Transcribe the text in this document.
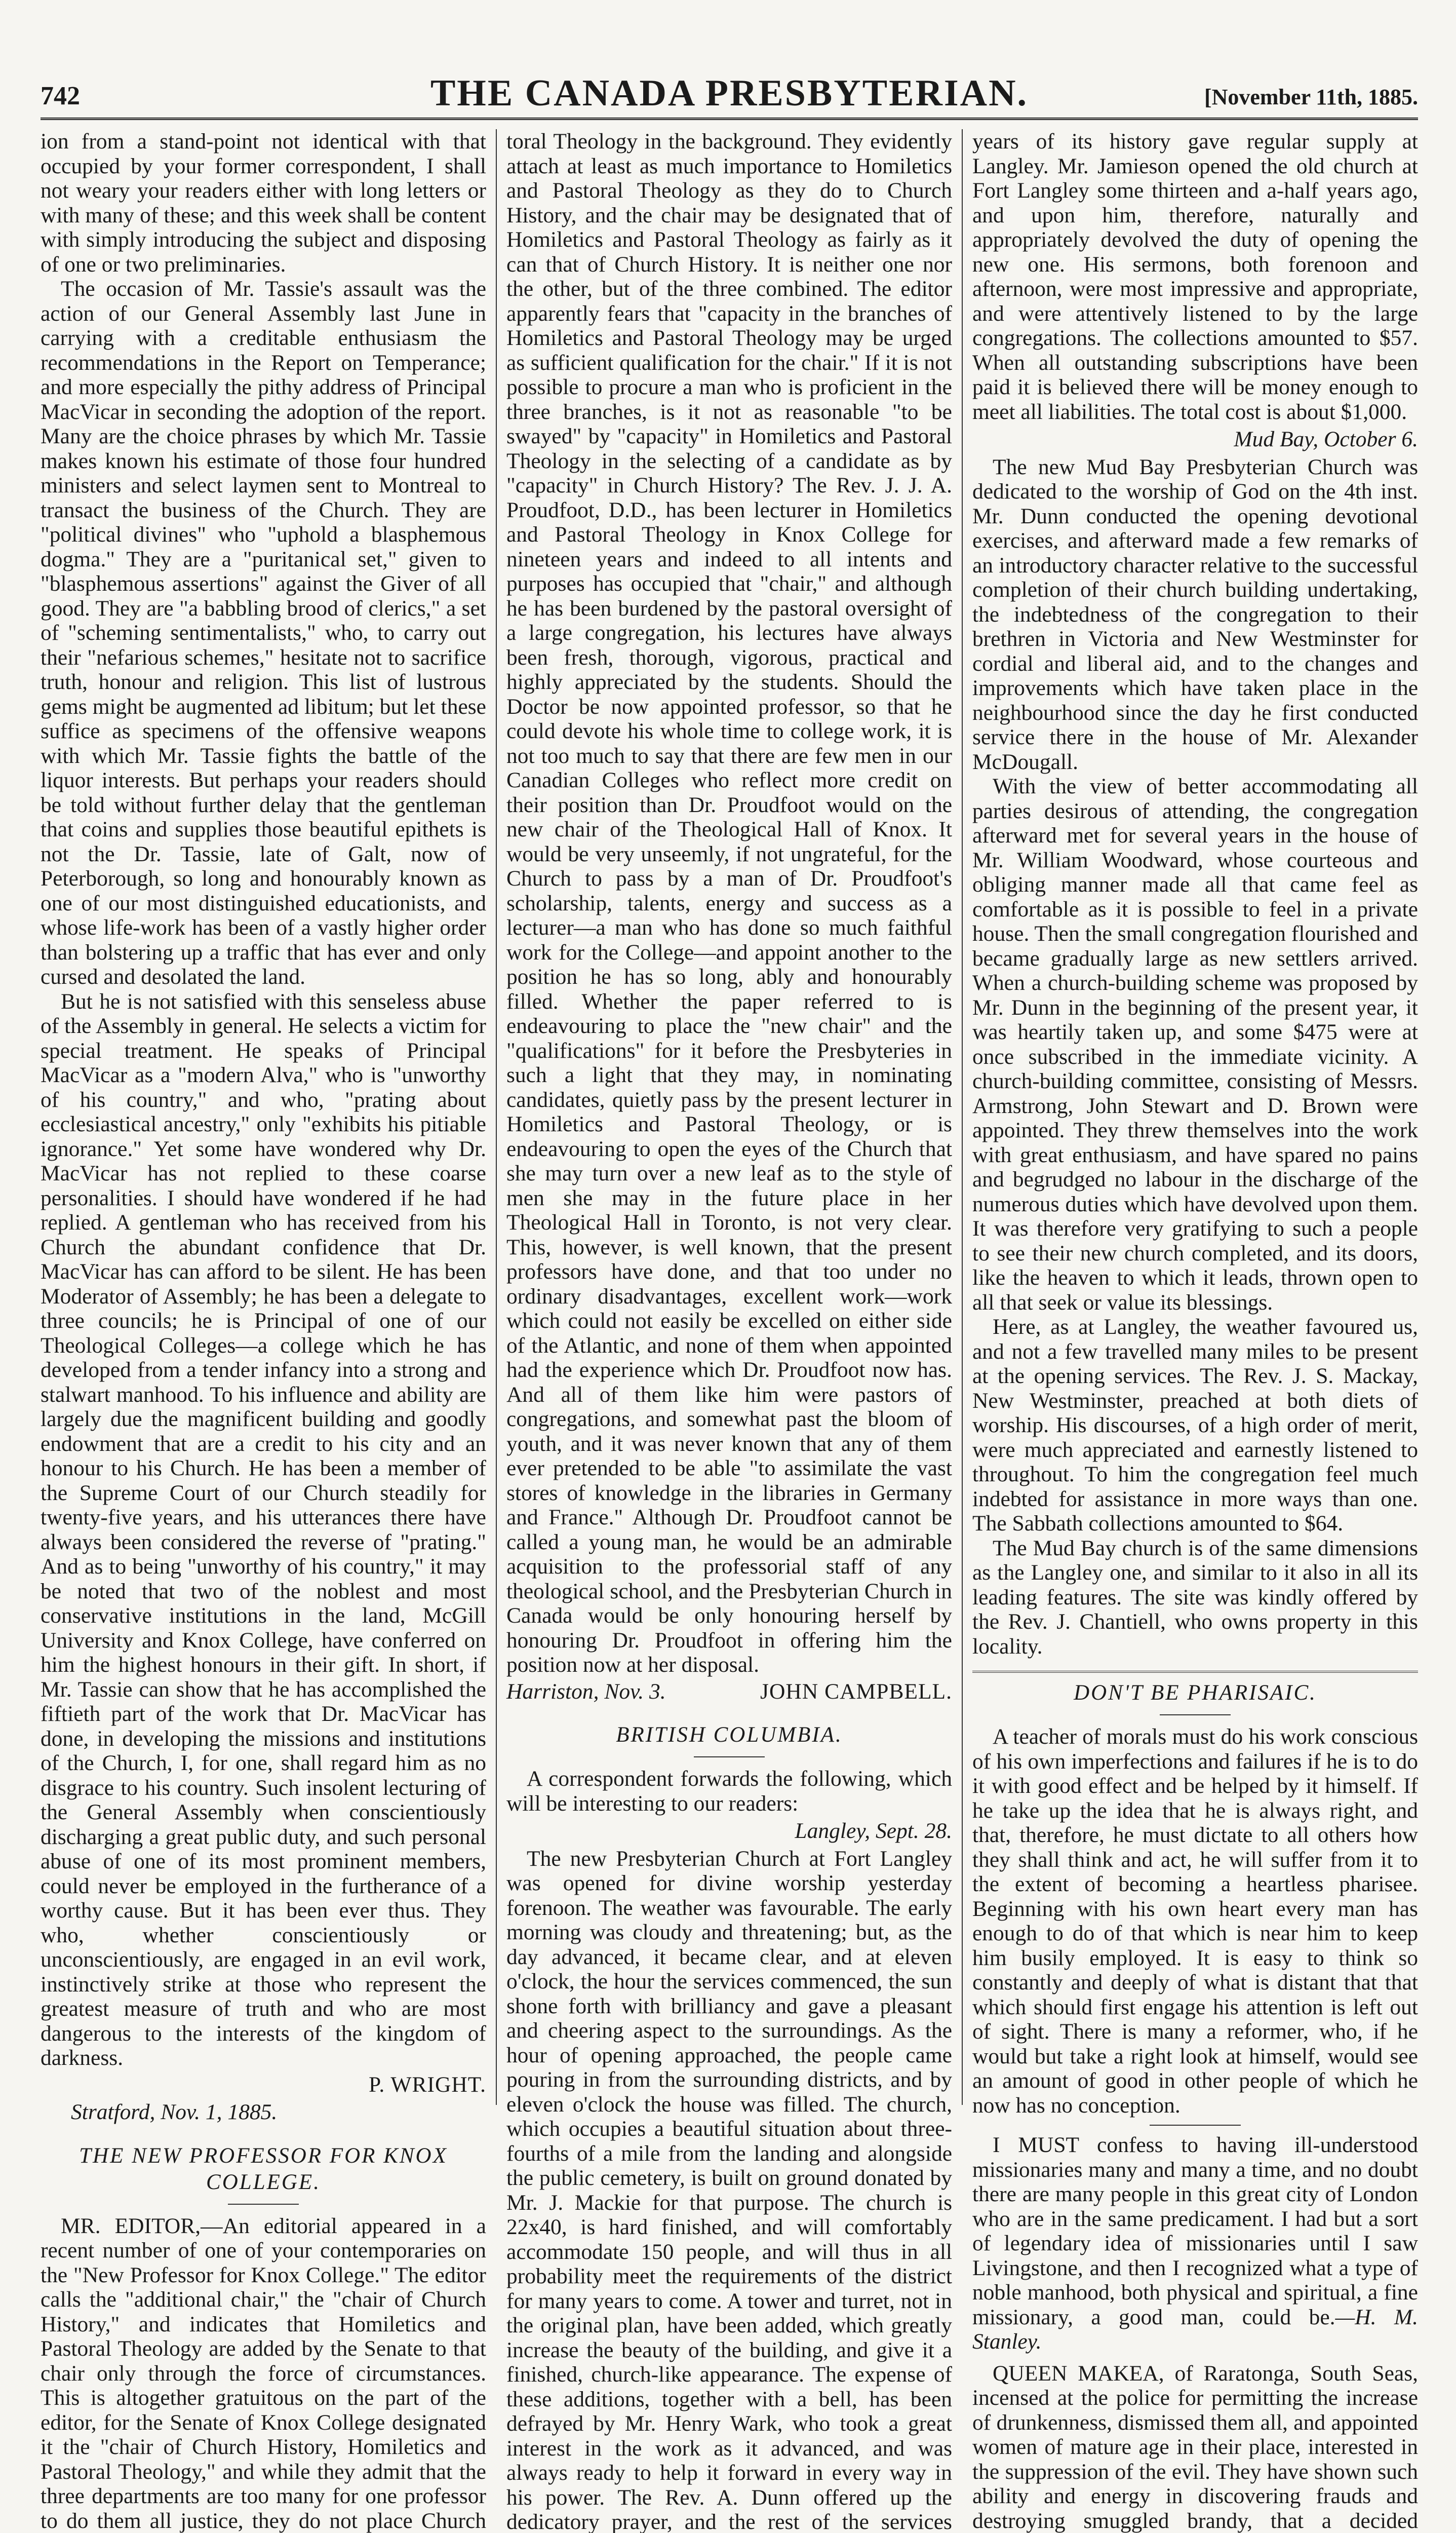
742	THE CANADA PRESBYTERIAN.	[November 11th, 1885.

ion from a stand-point not identical with that occupied by your former correspondent, I shall not weary your readers either with long letters or with many of these; and this week shall be content with simply introducing the subject and disposing of one or two preliminaries.

The occasion of Mr. Tassie's assault was the action of our General Assembly last June in carrying with a creditable enthusiasm the recommendations in the Report on Temperance; and more especially the pithy address of Principal MacVicar in seconding the adoption of the report. Many are the choice phrases by which Mr. Tassie makes known his estimate of those four hundred ministers and select laymen sent to Montreal to transact the business of the Church. They are "political divines" who "uphold a blasphemous dogma." They are a "puritanical set," given to "blasphemous assertions" against the Giver of all good. They are "a babbling brood of clerics," a set of "scheming sentimentalists," who, to carry out their "nefarious schemes," hesitate not to sacrifice truth, honour and religion. This list of lustrous gems might be augmented ad libitum; but let these suffice as specimens of the offensive weapons with which Mr. Tassie fights the battle of the liquor interests. But perhaps your readers should be told without further delay that the gentleman that coins and supplies those beautiful epithets is not the Dr. Tassie, late of Galt, now of Peterborough, so long and honourably known as one of our most distinguished educationists, and whose life-work has been of a vastly higher order than bolstering up a traffic that has ever and only cursed and desolated the land.

But he is not satisfied with this senseless abuse of the Assembly in general. He selects a victim for special treatment. He speaks of Principal MacVicar as a "modern Alva," who is "unworthy of his country," and who, "prating about ecclesiastical ancestry," only "exhibits his pitiable ignorance." Yet some have wondered why Dr. MacVicar has not replied to these coarse personalities. I should have wondered if he had replied. A gentleman who has received from his Church the abundant confidence that Dr. MacVicar has can afford to be silent. He has been Moderator of Assembly; he has been a delegate to three councils; he is Principal of one of our Theological Colleges—a college which he has developed from a tender infancy into a strong and stalwart manhood. To his influence and ability are largely due the magnificent building and goodly endowment that are a credit to his city and an honour to his Church. He has been a member of the Supreme Court of our Church steadily for twenty-five years, and his utterances there have always been considered the reverse of "prating." And as to being "unworthy of his country," it may be noted that two of the noblest and most conservative institutions in the land, McGill University and Knox College, have conferred on him the highest honours in their gift. In short, if Mr. Tassie can show that he has accomplished the fiftieth part of the work that Dr. MacVicar has done, in developing the missions and institutions of the Church, I, for one, shall regard him as no disgrace to his country. Such insolent lecturing of the General Assembly when conscientiously discharging a great public duty, and such personal abuse of one of its most prominent members, could never be employed in the furtherance of a worthy cause. But it has been ever thus. They who, whether conscientiously or unconscientiously, are engaged in an evil work, instinctively strike at those who represent the greatest measure of truth and who are most dangerous to the interests of the kingdom of darkness.

P. WRIGHT.

Stratford, Nov. 1, 1885.

THE NEW PROFESSOR FOR KNOX COLLEGE.

MR. EDITOR,—An editorial appeared in a recent number of one of your contemporaries on the "New Professor for Knox College." The editor calls the "additional chair," the "chair of Church History," and indicates that Homiletics and Pastoral Theology are added by the Senate to that chair only through the force of circumstances. This is altogether gratuitous on the part of the editor, for the Senate of Knox College designated it the "chair of Church History, Homiletics and Pastoral Theology," and while they admit that the three departments are too many for one professor to do them all justice, they do not place Church

toral Theology in the background. They evidently attach at least as much importance to Homiletics and Pastoral Theology as they do to Church History, and the chair may be designated that of Homiletics and Pastoral Theology as fairly as it can that of Church History. It is neither one nor the other, but of the three combined. The editor apparently fears that "capacity in the branches of Homiletics and Pastoral Theology may be urged as sufficient qualification for the chair." If it is not possible to procure a man who is proficient in the three branches, is it not as reasonable "to be swayed" by "capacity" in Homiletics and Pastoral Theology in the selecting of a candidate as by "capacity" in Church History? The Rev. J. J. A. Proudfoot, D.D., has been lecturer in Homiletics and Pastoral Theology in Knox College for nineteen years and indeed to all intents and purposes has occupied that "chair," and although he has been burdened by the pastoral oversight of a large congregation, his lectures have always been fresh, thorough, vigorous, practical and highly appreciated by the students. Should the Doctor be now appointed professor, so that he could devote his whole time to college work, it is not too much to say that there are few men in our Canadian Colleges who reflect more credit on their position than Dr. Proudfoot would on the new chair of the Theological Hall of Knox. It would be very unseemly, if not ungrateful, for the Church to pass by a man of Dr. Proudfoot's scholarship, talents, energy and success as a lecturer—a man who has done so much faithful work for the College—and appoint another to the position he has so long, ably and honourably filled. Whether the paper referred to is endeavouring to place the "new chair" and the "qualifications" for it before the Presbyteries in such a light that they may, in nominating candidates, quietly pass by the present lecturer in Homiletics and Pastoral Theology, or is endeavouring to open the eyes of the Church that she may turn over a new leaf as to the style of men she may in the future place in her Theological Hall in Toronto, is not very clear. This, however, is well known, that the present professors have done, and that too under no ordinary disadvantages, excellent work—work which could not easily be excelled on either side of the Atlantic, and none of them when appointed had the experience which Dr. Proudfoot now has. And all of them like him were pastors of congregations, and somewhat past the bloom of youth, and it was never known that any of them ever pretended to be able "to assimilate the vast stores of knowledge in the libraries in Germany and France." Although Dr. Proudfoot cannot be called a young man, he would be an admirable acquisition to the professorial staff of any theological school, and the Presbyterian Church in Canada would be only honouring herself by honouring Dr. Proudfoot in offering him the position now at her disposal.

Harriston, Nov. 3.	JOHN CAMPBELL.
BRITISH COLUMBIA.

A correspondent forwards the following, which will be interesting to our readers:

Langley, Sept. 28.

The new Presbyterian Church at Fort Langley was opened for divine worship yesterday forenoon. The weather was favourable. The early morning was cloudy and threatening; but, as the day advanced, it became clear, and at eleven o'clock, the hour the services commenced, the sun shone forth with brilliancy and gave a pleasant and cheering aspect to the surroundings. As the hour of opening approached, the people came pouring in from the surrounding districts, and by eleven o'clock the house was filled. The church, which occupies a beautiful situation about three-fourths of a mile from the landing and alongside the public cemetery, is built on ground donated by Mr. J. Mackie for that purpose. The church is 22x40, is hard finished, and will comfortably accommodate 150 people, and will thus in all probability meet the requirements of the district for many years to come. A tower and turret, not in the original plan, have been added, which greatly increase the beauty of the building, and give it a finished, church-like appearance. The expense of these additions, together with a bell, has been defrayed by Mr. Henry Wark, who took a great interest in the work as it advanced, and was always ready to help it forward in every way in his power. The Rev. A. Dunn offered up the dedicatory prayer, and the rest of the services

years of its history gave regular supply at Langley. Mr. Jamieson opened the old church at Fort Langley some thirteen and a-half years ago, and upon him, therefore, naturally and appropriately devolved the duty of opening the new one. His sermons, both forenoon and afternoon, were most impressive and appropriate, and were attentively listened to by the large congregations. The collections amounted to $57. When all outstanding subscriptions have been paid it is believed there will be money enough to meet all liabilities. The total cost is about $1,000.

Mud Bay, October 6.

The new Mud Bay Presbyterian Church was dedicated to the worship of God on the 4th inst. Mr. Dunn conducted the opening devotional exercises, and afterward made a few remarks of an introductory character relative to the successful completion of their church building undertaking, the indebtedness of the congregation to their brethren in Victoria and New Westminster for cordial and liberal aid, and to the changes and improvements which have taken place in the neighbourhood since the day he first conducted service there in the house of Mr. Alexander McDougall.

With the view of better accommodating all parties desirous of attending, the congregation afterward met for several years in the house of Mr. William Woodward, whose courteous and obliging manner made all that came feel as comfortable as it is possible to feel in a private house. Then the small congregation flourished and became gradually large as new settlers arrived. When a church-building scheme was proposed by Mr. Dunn in the beginning of the present year, it was heartily taken up, and some $475 were at once subscribed in the immediate vicinity. A church-building committee, consisting of Messrs. Armstrong, John Stewart and D. Brown were appointed. They threw themselves into the work with great enthusiasm, and have spared no pains and begrudged no labour in the discharge of the numerous duties which have devolved upon them. It was therefore very gratifying to such a people to see their new church completed, and its doors, like the heaven to which it leads, thrown open to all that seek or value its blessings.

Here, as at Langley, the weather favoured us, and not a few travelled many miles to be present at the opening services. The Rev. J. S. Mackay, New Westminster, preached at both diets of worship. His discourses, of a high order of merit, were much appreciated and earnestly listened to throughout. To him the congregation feel much indebted for assistance in more ways than one. The Sabbath collections amounted to $64.

The Mud Bay church is of the same dimensions as the Langley one, and similar to it also in all its leading features. The site was kindly offered by the Rev. J. Chantiell, who owns property in this locality.

DON'T BE PHARISAIC.

A teacher of morals must do his work conscious of his own imperfections and failures if he is to do it with good effect and be helped by it himself. If he take up the idea that he is always right, and that, therefore, he must dictate to all others how they shall think and act, he will suffer from it to the extent of becoming a heartless pharisee. Beginning with his own heart every man has enough to do of that which is near him to keep him busily employed. It is easy to think so constantly and deeply of what is distant that that which should first engage his attention is left out of sight. There is many a reformer, who, if he would but take a right look at himself, would see an amount of good in other people of which he now has no conception.

I MUST confess to having ill-understood missionaries many and many a time, and no doubt there are many people in this great city of London who are in the same predicament. I had but a sort of legendary idea of missionaries until I saw Livingstone, and then I recognized what a type of noble manhood, both physical and spiritual, a fine missionary, a good man, could be.—H. M. Stanley.

QUEEN MAKEA, of Raratonga, South Seas, incensed at the police for permitting the increase of drunkenness, dismissed them all, and appointed women of mature age in their place, interested in the suppression of the evil. They have shown such ability and energy in discovering frauds and destroying smuggled brandy, that a decided
